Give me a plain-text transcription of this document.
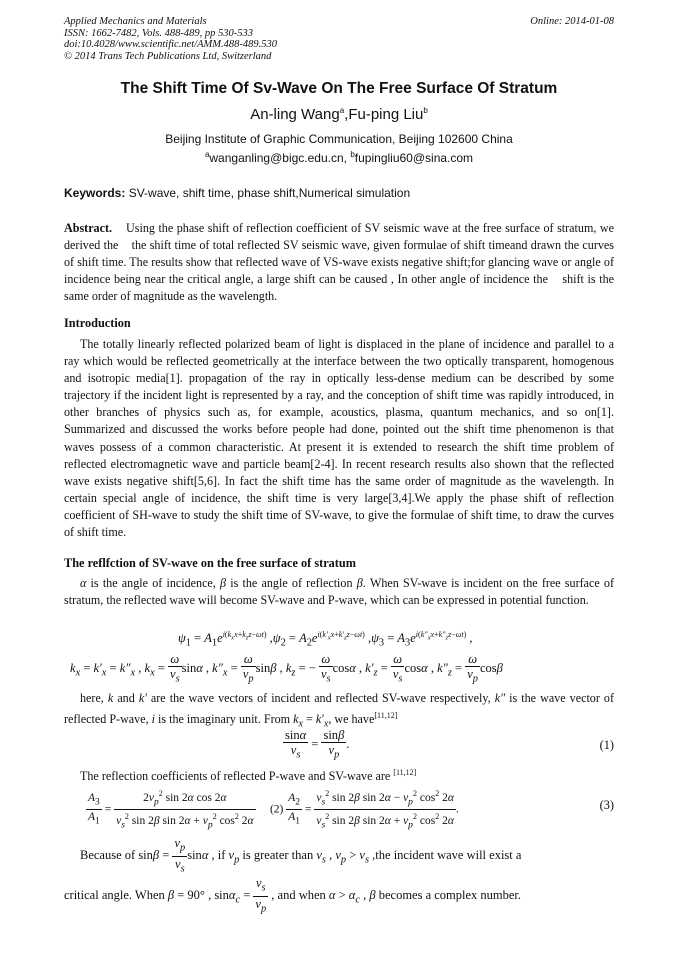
Applied Mechanics and Materials
ISSN: 1662-7482, Vols. 488-489, pp 530-533
doi:10.4028/www.scientific.net/AMM.488-489.530
© 2014 Trans Tech Publications Ltd, Switzerland
Online: 2014-01-08
The Shift Time Of Sv-Wave On The Free Surface Of Stratum
An-ling Wang$^a$,Fu-ping Liu$^b$
Beijing Institute of Graphic Communication, Beijing 102600 China
$^a$wanganling@bigc.edu.cn, $^b$fupingliu60@sina.com
Keywords: SV-wave, shift time, phase shift,Numerical simulation
Abstract.    Using the phase shift of reflection coefficient of SV seismic wave at the free surface of stratum, we derived the    the shift time of total reflected SV seismic wave, given formulae of shift timeand drawn the curves of shift time. The results show that reflected wave of VS-wave exists negative shift;for glancing wave or angle of incidence being near the critical angle, a large shift can be caused , In other angle of incidence the    shift is the same order of magnitude as the wavelength.
Introduction
The totally linearly reflected polarized beam of light is displaced in the plane of incidence and parallel to a ray which would be reflected geometrically at the interface between the two optically transparent, homogenous and isotropic media[1]. propagation of the ray in optically less-dense medium can be described by some trajectory if the incident light is represented by a ray, and the conception of shift time was rapidly introduced, in other branches of physics such as, for example, acoustics, plasma, quantum mechanics, and so on[1]. Summarized and discussed the works before people had done, pointed out the shift time phenomenon is that waves possess of a common characteristic. At present it is extended to research the shift time problem of reflected electromagnetic wave and particle beam[2-4]. In recent research results also shown that the reflected wave exists negative shift[5,6]. In fact the shift time has the same order of magnitude as the wavelength. In certain special angle of incidence, the shift time is very large[3,4].We apply the phase shift of reflection coefficient of SH-wave to study the shift time of SV-wave, to give the formulae of shift time, to draw the curves of shift time.
The reflfction of SV-wave on the free surface of stratum
α is the angle of incidence, β is the angle of reflection β. When SV-wave is incident on the free surface of stratum, the reflected wave will become SV-wave and P-wave, which can be expressed in potential function.
$\psi_1 = A_1e^{i(k_xx+k_zz-\omega t)}$ $,\psi_2 = A_2e^{i(k'_xx+k'_zz-\omega t)}$ $,\psi_3 = A_3e^{i(k''_xx+k''_zz-\omega t)}$ ,
$k_x = k'_x = k''_x$ , $k_x = \frac{\omega}{v_s}$ sinα , $k''_x = \frac{\omega}{v_p}$ sinβ , $k_z$ = − $\frac{\omega}{v_s}$ cosα , $k'_z = \frac{\omega}{v_s}$ cosα , $k''_z = \frac{\omega}{v_p}$ cosβ
here, k and k′ are the wave vectors of incident and reflected SV-wave respectively, k″ is the wave vector of reflected P-wave, i is the imaginary unit. From $k_x = k'_x$, we have[11,12]
$\frac{\sin\alpha}{v_s} = \frac{\sin\beta}{v_p}$ .	(1)
The reflection coefficients of reflected P-wave and SV-wave are [11,12]
$\frac{A_3}{A_1} = \frac{2v_p^2 \sin 2\alpha \cos 2\alpha}{v_s^2 \sin 2\beta \sin 2\alpha + v_p^2 \cos^2 2\alpha} (2) \frac{A_2}{A_1} = \frac{v_s^2 \sin 2\beta \sin 2\alpha - v_p^2 \cos^2 2\alpha}{v_s^2 \sin 2\beta \sin 2\alpha + v_p^2 \cos^2 2\alpha}$ .	(3)
Because of $\sin\beta = \frac{v_p}{v_s}$ sinα , if $v_p$ is greater than $v_s$ , $v_p > v_s$ ,the incident wave will exist a
critical angle. When β = 90° , $\sin\alpha_c = \frac{v_s}{v_p}$ , and when $\alpha > \alpha_c$ , β becomes a complex number.
